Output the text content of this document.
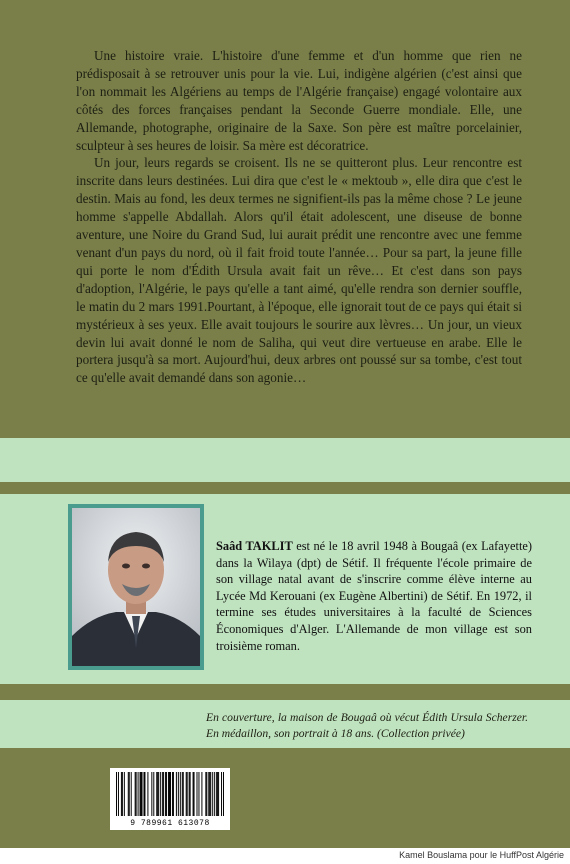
Une histoire vraie. L'histoire d'une femme et d'un homme que rien ne prédisposait à se retrouver unis pour la vie. Lui, indigène algérien (c'est ainsi que l'on nommait les Algériens au temps de l'Algérie française) engagé volontaire aux côtés des forces françaises pendant la Seconde Guerre mondiale. Elle, une Allemande, photographe, originaire de la Saxe. Son père est maître porcelainier, sculpteur à ses heures de loisir. Sa mère est décoratrice.

Un jour, leurs regards se croisent. Ils ne se quitteront plus. Leur rencontre est inscrite dans leurs destinées. Lui dira que c'est le « mektoub », elle dira que c'est le destin. Mais au fond, les deux termes ne signifient-ils pas la même chose ? Le jeune homme s'appelle Abdallah. Alors qu'il était adolescent, une diseuse de bonne aventure, une Noire du Grand Sud, lui aurait prédit une rencontre avec une femme venant d'un pays du nord, où il fait froid toute l'année… Pour sa part, la jeune fille qui porte le nom d'Édith Ursula avait fait un rêve… Et c'est dans son pays d'adoption, l'Algérie, le pays qu'elle a tant aimé, qu'elle rendra son dernier souffle, le matin du 2 mars 1991.Pourtant, à l'époque, elle ignorait tout de ce pays qui était si mystérieux à ses yeux. Elle avait toujours le sourire aux lèvres… Un jour, un vieux devin lui avait donné le nom de Saliha, qui veut dire vertueuse en arabe. Elle le portera jusqu'à sa mort. Aujourd'hui, deux arbres ont poussé sur sa tombe, c'est tout ce qu'elle avait demandé dans son agonie…

Saâd TAKLIT est né le 18 avril 1948 à Bougaâ (ex Lafayette) dans la Wilaya (dpt) de Sétif. Il fréquente l'école primaire de son village natal avant de s'inscrire comme élève interne au Lycée Md Kerouani (ex Eugène Albertini) de Sétif. En 1972, il termine ses études universitaires à la faculté de Sciences Économiques d'Alger. L'Allemande de mon village est son troisième roman.
En couverture, la maison de Bougaâ où vécut Édith Ursula Scherzer. En médaillon, son portrait à 18 ans. (Collection privée)
9 789961 613078
Kamel Bouslama pour le HuffPost Algérie
